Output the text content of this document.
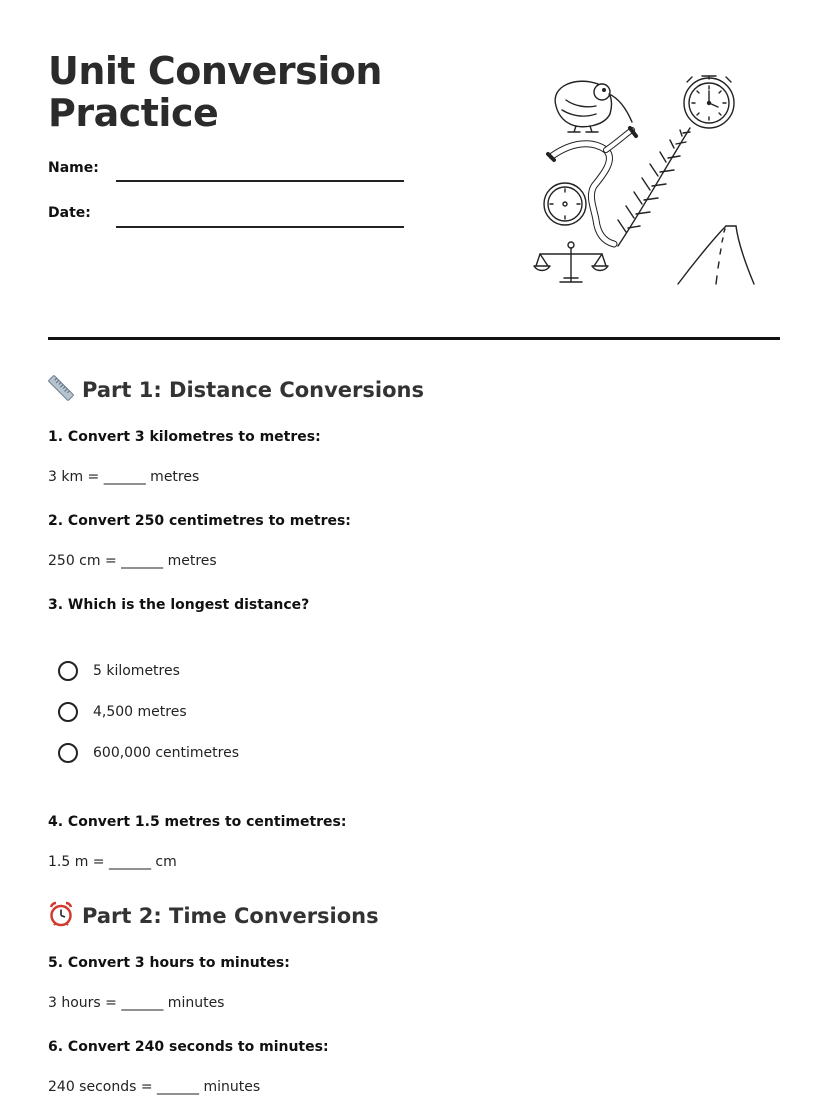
Unit Conversion
Practice
Name:
Date:
Part 1: Distance Conversions

1. Convert 3 kilometres to metres:

3 km = ______ metres

2. Convert 250 centimetres to metres:

250 cm = ______ metres

3. Which is the longest distance?

5 kilometres
4,500 metres
600,000 centimetres

4. Convert 1.5 metres to centimetres:

1.5 m = ______ cm

Part 2: Time Conversions

5. Convert 3 hours to minutes:

3 hours = ______ minutes

6. Convert 240 seconds to minutes:

240 seconds = ______ minutes
